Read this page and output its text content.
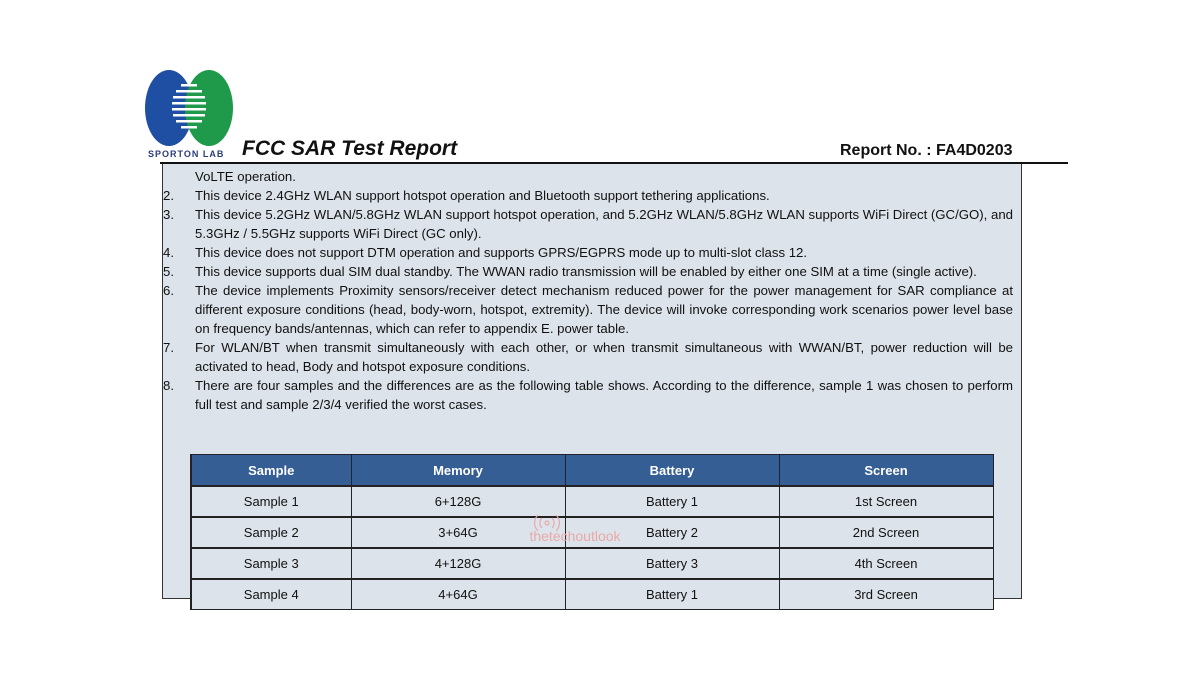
SPORTON LAB FCC SAR Test Report	Report No. : FA4D0203
VoLTE operation.
2. This device 2.4GHz WLAN support hotspot operation and Bluetooth support tethering applications.
3. This device 5.2GHz WLAN/5.8GHz WLAN support hotspot operation, and 5.2GHz WLAN/5.8GHz WLAN supports WiFi Direct (GC/GO), and 5.3GHz / 5.5GHz supports WiFi Direct (GC only).
4. This device does not support DTM operation and supports GPRS/EGPRS mode up to multi-slot class 12.
5. This device supports dual SIM dual standby. The WWAN radio transmission will be enabled by either one SIM at a time (single active).
6. The device implements Proximity sensors/receiver detect mechanism reduced power for the power management for SAR compliance at different exposure conditions (head, body-worn, hotspot, extremity). The device will invoke corresponding work scenarios power level base on frequency bands/antennas, which can refer to appendix E. power table.
7. For WLAN/BT when transmit simultaneously with each other, or when transmit simultaneous with WWAN/BT, power reduction will be activated to head, Body and hotspot exposure conditions.
8. There are four samples and the differences are as the following table shows. According to the difference, sample 1 was chosen to perform full test and sample 2/3/4 verified the worst cases.
Sample	Memory	Battery	Screen
Sample 1	6+128G	Battery 1	1st Screen
Sample 2	3+64G	Battery 2	2nd Screen
Sample 3	4+128G	Battery 3	4th Screen
Sample 4	4+64G	Battery 1	3rd Screen
thetechoutlook
